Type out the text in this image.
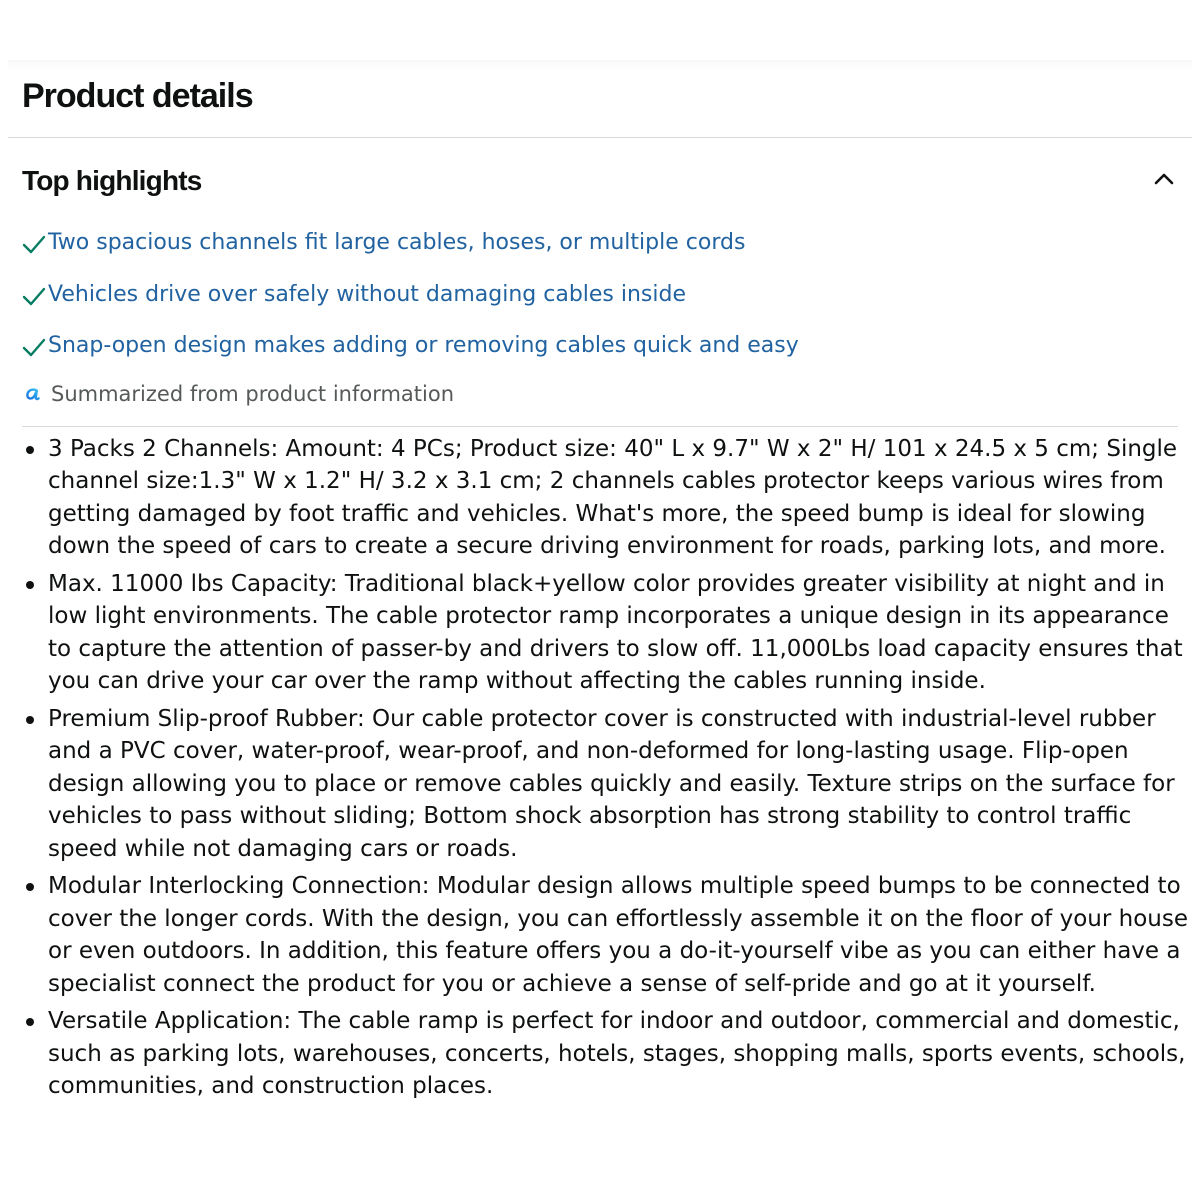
Product details
Top highlights
Two spacious channels fit large cables, hoses, or multiple cords
Vehicles drive over safely without damaging cables inside
Snap-open design makes adding or removing cables quick and easy
Summarized from product information
3 Packs 2 Channels: Amount: 4 PCs; Product size: 40" L x 9.7" W x 2" H/ 101 x 24.5 x 5 cm; Single channel size:1.3" W x 1.2" H/ 3.2 x 3.1 cm; 2 channels cables protector keeps various wires from getting damaged by foot traffic and vehicles. What's more, the speed bump is ideal for slowing down the speed of cars to create a secure driving environment for roads, parking lots, and more.
Max. 11000 lbs Capacity: Traditional black+yellow color provides greater visibility at night and in low light environments. The cable protector ramp incorporates a unique design in its appearance to capture the attention of passer-by and drivers to slow off. 11,000Lbs load capacity ensures that you can drive your car over the ramp without affecting the cables running inside.
Premium Slip-proof Rubber: Our cable protector cover is constructed with industrial-level rubber and a PVC cover, water-proof, wear-proof, and non-deformed for long-lasting usage. Flip-open design allowing you to place or remove cables quickly and easily. Texture strips on the surface for vehicles to pass without sliding; Bottom shock absorption has strong stability to control traffic speed while not damaging cars or roads.
Modular Interlocking Connection: Modular design allows multiple speed bumps to be connected to cover the longer cords. With the design, you can effortlessly assemble it on the floor of your house or even outdoors. In addition, this feature offers you a do-it-yourself vibe as you can either have a specialist connect the product for you or achieve a sense of self-pride and go at it yourself.
Versatile Application: The cable ramp is perfect for indoor and outdoor, commercial and domestic, such as parking lots, warehouses, concerts, hotels, stages, shopping malls, sports events, schools, communities, and construction places.
